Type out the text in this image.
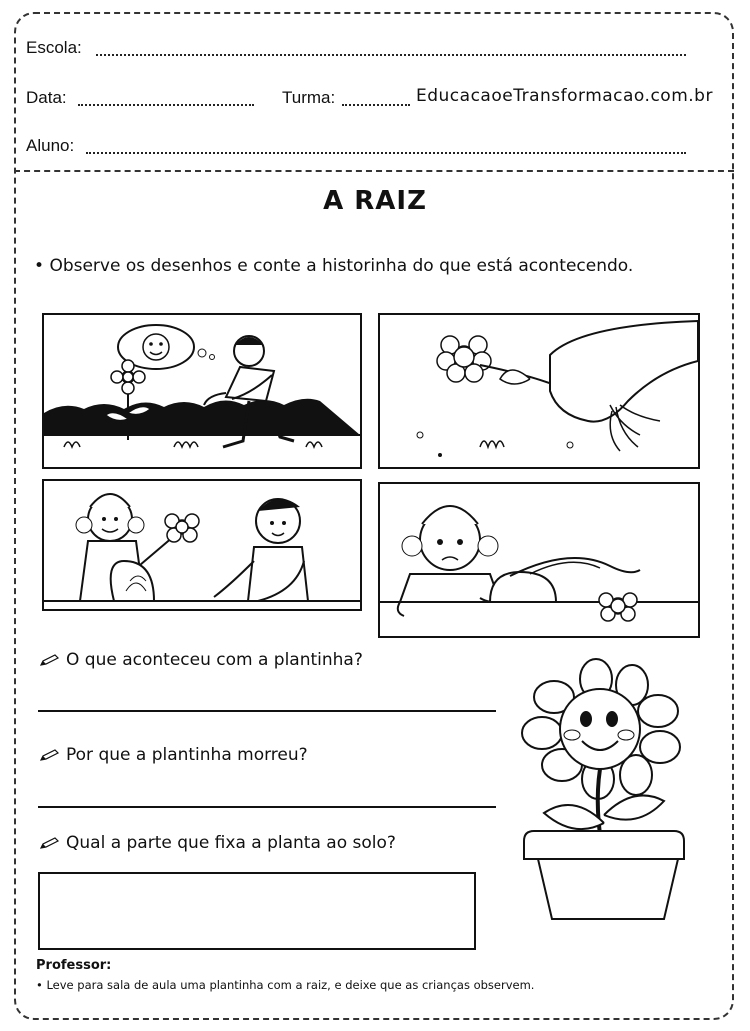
Escola:
Data:	Turma:	EducacaoeTransformacao.com.br
Aluno:
A RAIZ
• Observe os desenhos e conte a historinha do que está acontecendo.
O que aconteceu com a plantinha?
Por que a plantinha morreu?
Qual a parte que fixa a planta ao solo?
Professor:
• Leve para sala de aula uma plantinha com a raiz, e deixe que as crianças observem.
